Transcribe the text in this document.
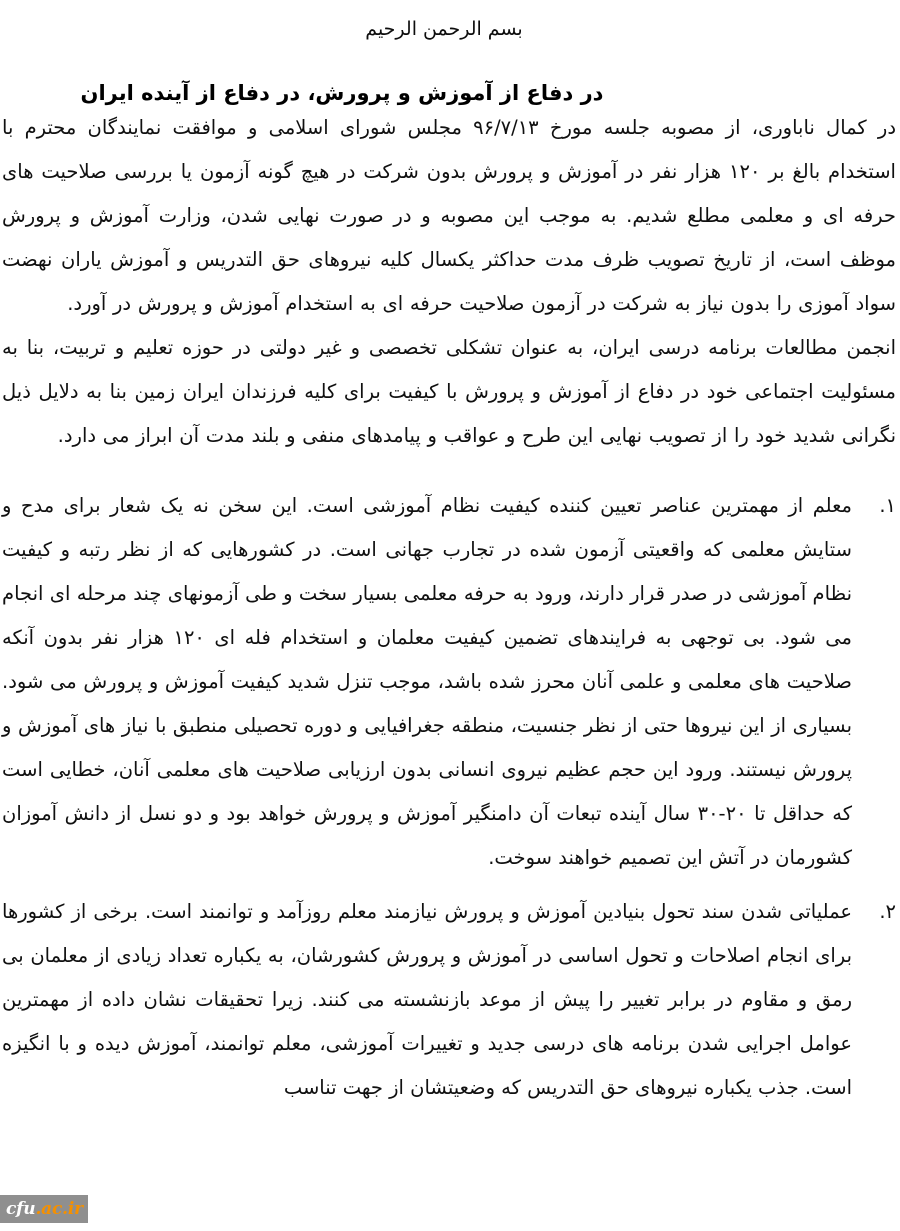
بسم الرحمن الرحیم
در دفاع از آموزش و پرورش، در دفاع از آینده ایران

در کمال ناباوری، از مصوبه جلسه مورخ ۹۶/۷/۱۳ مجلس شورای اسلامی و موافقت نمایندگان محترم با استخدام بالغ بر ۱۲۰ هزار نفر در آموزش و پرورش بدون شرکت در هیچ گونه آزمون یا بررسی صلاحیت های حرفه ای و معلمی مطلع شدیم. به موجب این مصوبه و در صورت نهایی شدن، وزارت آموزش و پرورش موظف است، از تاریخ تصویب ظرف مدت حداکثر یکسال کلیه نیروهای حق التدریس و آموزش یاران نهضت سواد آموزی را بدون نیاز به شرکت در آزمون صلاحیت حرفه ای به استخدام آموزش و پرورش در آورد.

انجمن مطالعات برنامه درسی ایران، به عنوان تشکلی تخصصی و غیر دولتی در حوزه تعلیم و تربیت، بنا به مسئولیت اجتماعی خود در دفاع از آموزش و پرورش با کیفیت برای کلیه فرزندان ایران زمین بنا به دلایل ذیل نگرانی شدید خود را از تصویب نهایی این طرح و عواقب و پیامدهای منفی و بلند مدت آن ابراز می دارد.

۱.
معلم از مهمترین عناصر تعیین کننده کیفیت نظام آموزشی است. این سخن نه یک شعار برای مدح و ستایش معلمی که واقعیتی آزمون شده در تجارب جهانی است. در کشورهایی که از نظر رتبه و کیفیت نظام آموزشی در صدر قرار دارند، ورود به حرفه معلمی بسیار سخت و طی آزمونهای چند مرحله ای انجام می شود. بی توجهی به فرایندهای تضمین کیفیت معلمان و استخدام فله ای ۱۲۰ هزار نفر بدون آنکه صلاحیت های معلمی و علمی آنان محرز شده باشد، موجب تنزل شدید کیفیت آموزش و پرورش می شود. بسیاری از این نیروها حتی از نظر جنسیت، منطقه جغرافیایی و دوره تحصیلی منطبق با نیاز های آموزش و پرورش نیستند. ورود این حجم عظیم نیروی انسانی بدون ارزیابی صلاحیت های معلمی آنان، خطایی است که حداقل تا ۲۰-۳۰ سال آینده تبعات آن دامنگیر آموزش و پرورش خواهد بود و دو نسل از دانش آموزان کشورمان در آتش این تصمیم خواهند سوخت.
۲.
عملیاتی شدن سند تحول بنیادین آموزش و پرورش نیازمند معلم روزآمد و توانمند است. برخی از کشورها برای انجام اصلاحات و تحول اساسی در آموزش و پرورش کشورشان، به یکباره تعداد زیادی از معلمان بی رمق و مقاوم در برابر تغییر را پیش از موعد بازنشسته می کنند. زیرا تحقیقات نشان داده از مهمترین عوامل اجرایی شدن برنامه های درسی جدید و تغییرات آموزشی، معلم توانمند، آموزش دیده و با انگیزه است. جذب یکباره نیروهای حق التدریس که وضعیتشان از جهت تناسب
cfu.ac.ir
